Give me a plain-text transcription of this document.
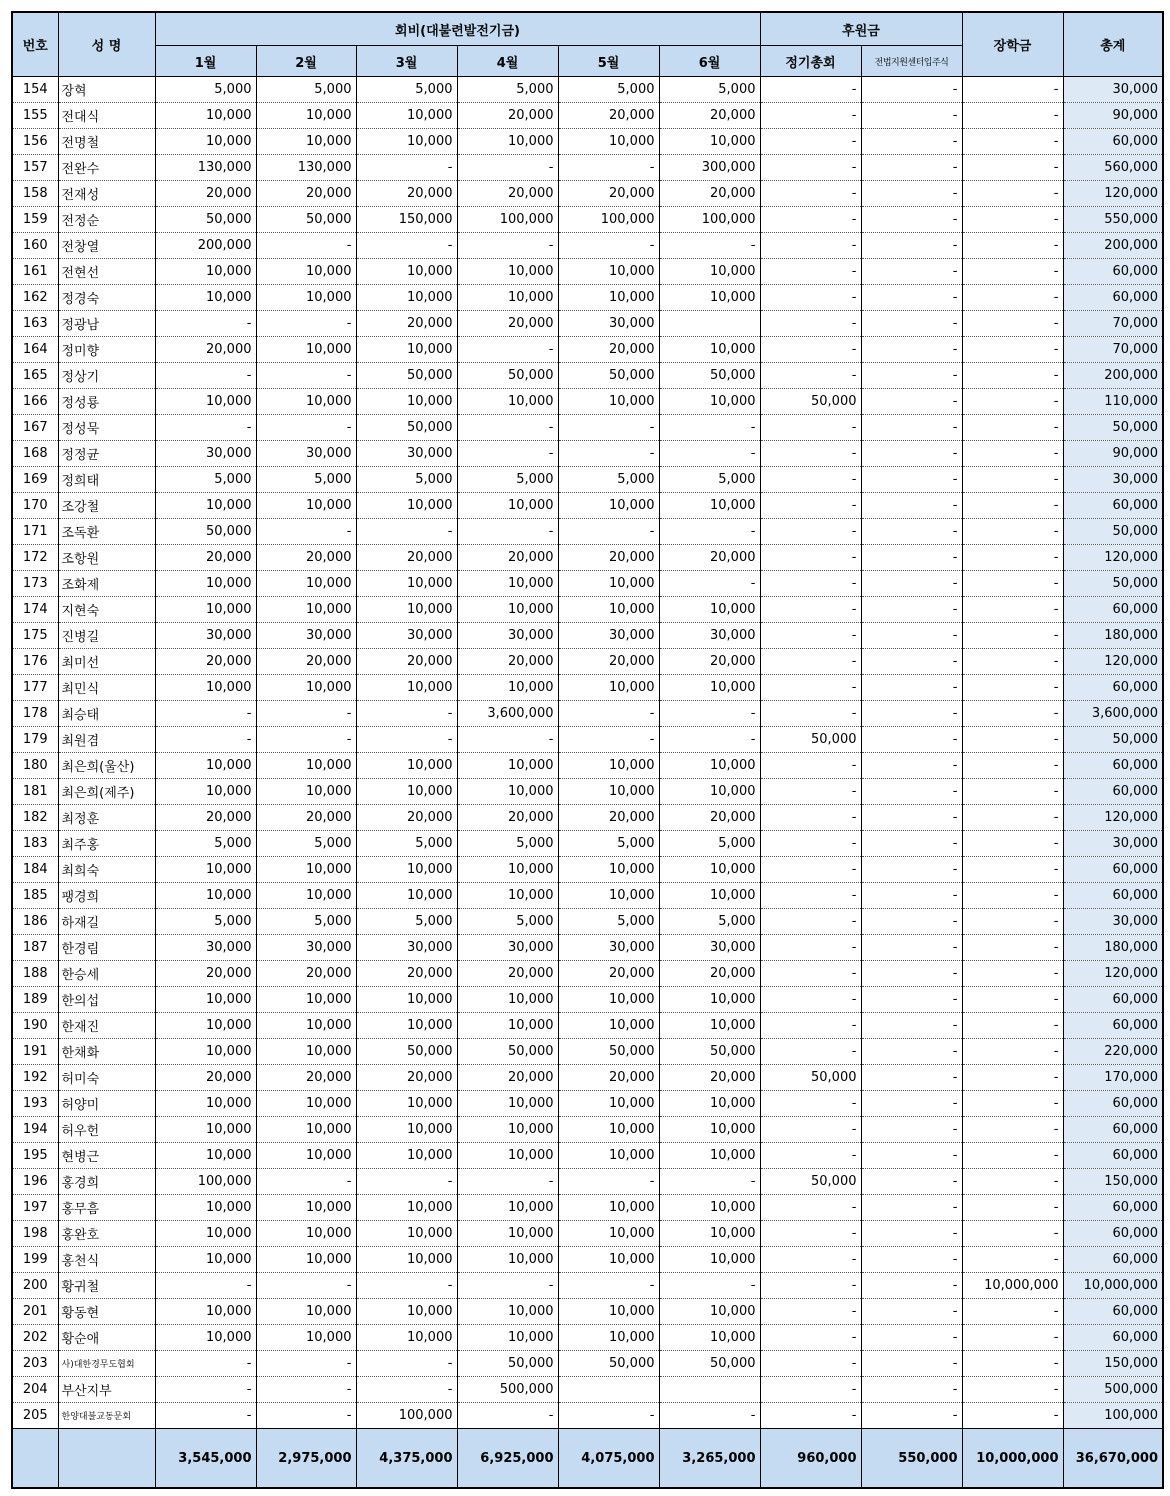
번호	성 명	회비(대불련발전기금)						후원금		장학금	총계
		1월	2월	3월	4월	5월	6월	정기총회	전법지원센터입주식		
154	장혁	5,000	5,000	5,000	5,000	5,000	5,000	-	-	-	30,000
155	전대식	10,000	10,000	10,000	20,000	20,000	20,000	-	-	-	90,000
156	전명철	10,000	10,000	10,000	10,000	10,000	10,000	-	-	-	60,000
157	전완수	130,000	130,000	-	-	-	300,000	-	-	-	560,000
158	전재성	20,000	20,000	20,000	20,000	20,000	20,000	-	-	-	120,000
159	전정순	50,000	50,000	150,000	100,000	100,000	100,000	-	-	-	550,000
160	전창열	200,000	-	-	-	-	-	-	-	-	200,000
161	전현선	10,000	10,000	10,000	10,000	10,000	10,000	-	-	-	60,000
162	정경숙	10,000	10,000	10,000	10,000	10,000	10,000	-	-	-	60,000
163	정광남	-	-	20,000	20,000	30,000		-	-	-	70,000
164	정미향	20,000	10,000	10,000	-	20,000	10,000	-	-	-	70,000
165	정상기	-	-	50,000	50,000	50,000	50,000	-	-	-	200,000
166	정성룡	10,000	10,000	10,000	10,000	10,000	10,000	50,000	-	-	110,000
167	정성묵	-	-	50,000	-	-	-	-	-	-	50,000
168	정정균	30,000	30,000	30,000	-	-	-	-	-	-	90,000
169	정희태	5,000	5,000	5,000	5,000	5,000	5,000	-	-	-	30,000
170	조강철	10,000	10,000	10,000	10,000	10,000	10,000	-	-	-	60,000
171	조독환	50,000	-	-	-	-	-	-	-	-	50,000
172	조항원	20,000	20,000	20,000	20,000	20,000	20,000	-	-	-	120,000
173	조화제	10,000	10,000	10,000	10,000	10,000	-	-	-	-	50,000
174	지현숙	10,000	10,000	10,000	10,000	10,000	10,000	-	-	-	60,000
175	진병길	30,000	30,000	30,000	30,000	30,000	30,000	-	-	-	180,000
176	최미선	20,000	20,000	20,000	20,000	20,000	20,000	-	-	-	120,000
177	최민식	10,000	10,000	10,000	10,000	10,000	10,000	-	-	-	60,000
178	최승태	-	-	-	3,600,000	-	-	-	-	-	3,600,000
179	최원겸	-	-	-	-	-	-	50,000	-	-	50,000
180	최은희(울산)	10,000	10,000	10,000	10,000	10,000	10,000	-	-	-	60,000
181	최은희(제주)	10,000	10,000	10,000	10,000	10,000	10,000	-	-	-	60,000
182	최정훈	20,000	20,000	20,000	20,000	20,000	20,000	-	-	-	120,000
183	최주홍	5,000	5,000	5,000	5,000	5,000	5,000	-	-	-	30,000
184	최희숙	10,000	10,000	10,000	10,000	10,000	10,000	-	-	-	60,000
185	팽경희	10,000	10,000	10,000	10,000	10,000	10,000	-	-	-	60,000
186	하재길	5,000	5,000	5,000	5,000	5,000	5,000	-	-	-	30,000
187	한경림	30,000	30,000	30,000	30,000	30,000	30,000	-	-	-	180,000
188	한승세	20,000	20,000	20,000	20,000	20,000	20,000	-	-	-	120,000
189	한의섭	10,000	10,000	10,000	10,000	10,000	10,000	-	-	-	60,000
190	한재진	10,000	10,000	10,000	10,000	10,000	10,000	-	-	-	60,000
191	한채화	10,000	10,000	50,000	50,000	50,000	50,000	-	-	-	220,000
192	허미숙	20,000	20,000	20,000	20,000	20,000	20,000	50,000	-	-	170,000
193	허양미	10,000	10,000	10,000	10,000	10,000	10,000	-	-	-	60,000
194	허우헌	10,000	10,000	10,000	10,000	10,000	10,000	-	-	-	60,000
195	현병근	10,000	10,000	10,000	10,000	10,000	10,000	-	-	-	60,000
196	홍경희	100,000	-	-	-	-	-	50,000	-	-	150,000
197	홍무흠	10,000	10,000	10,000	10,000	10,000	10,000	-	-	-	60,000
198	홍완호	10,000	10,000	10,000	10,000	10,000	10,000	-	-	-	60,000
199	홍천식	10,000	10,000	10,000	10,000	10,000	10,000	-	-	-	60,000
200	황귀철	-	-	-	-	-	-	-	-	10,000,000	10,000,000
201	황동현	10,000	10,000	10,000	10,000	10,000	10,000	-	-	-	60,000
202	황순애	10,000	10,000	10,000	10,000	10,000	10,000	-	-	-	60,000
203	사)대한경무도협회	-	-	-	50,000	50,000	50,000	-	-	-	150,000
204	부산지부	-	-	-	500,000			-	-	-	500,000
205	한양대불교동문회	-	-	100,000	-	-	-	-	-	-	100,000
		3,545,000	2,975,000	4,375,000	6,925,000	4,075,000	3,265,000	960,000	550,000	10,000,000	36,670,000
